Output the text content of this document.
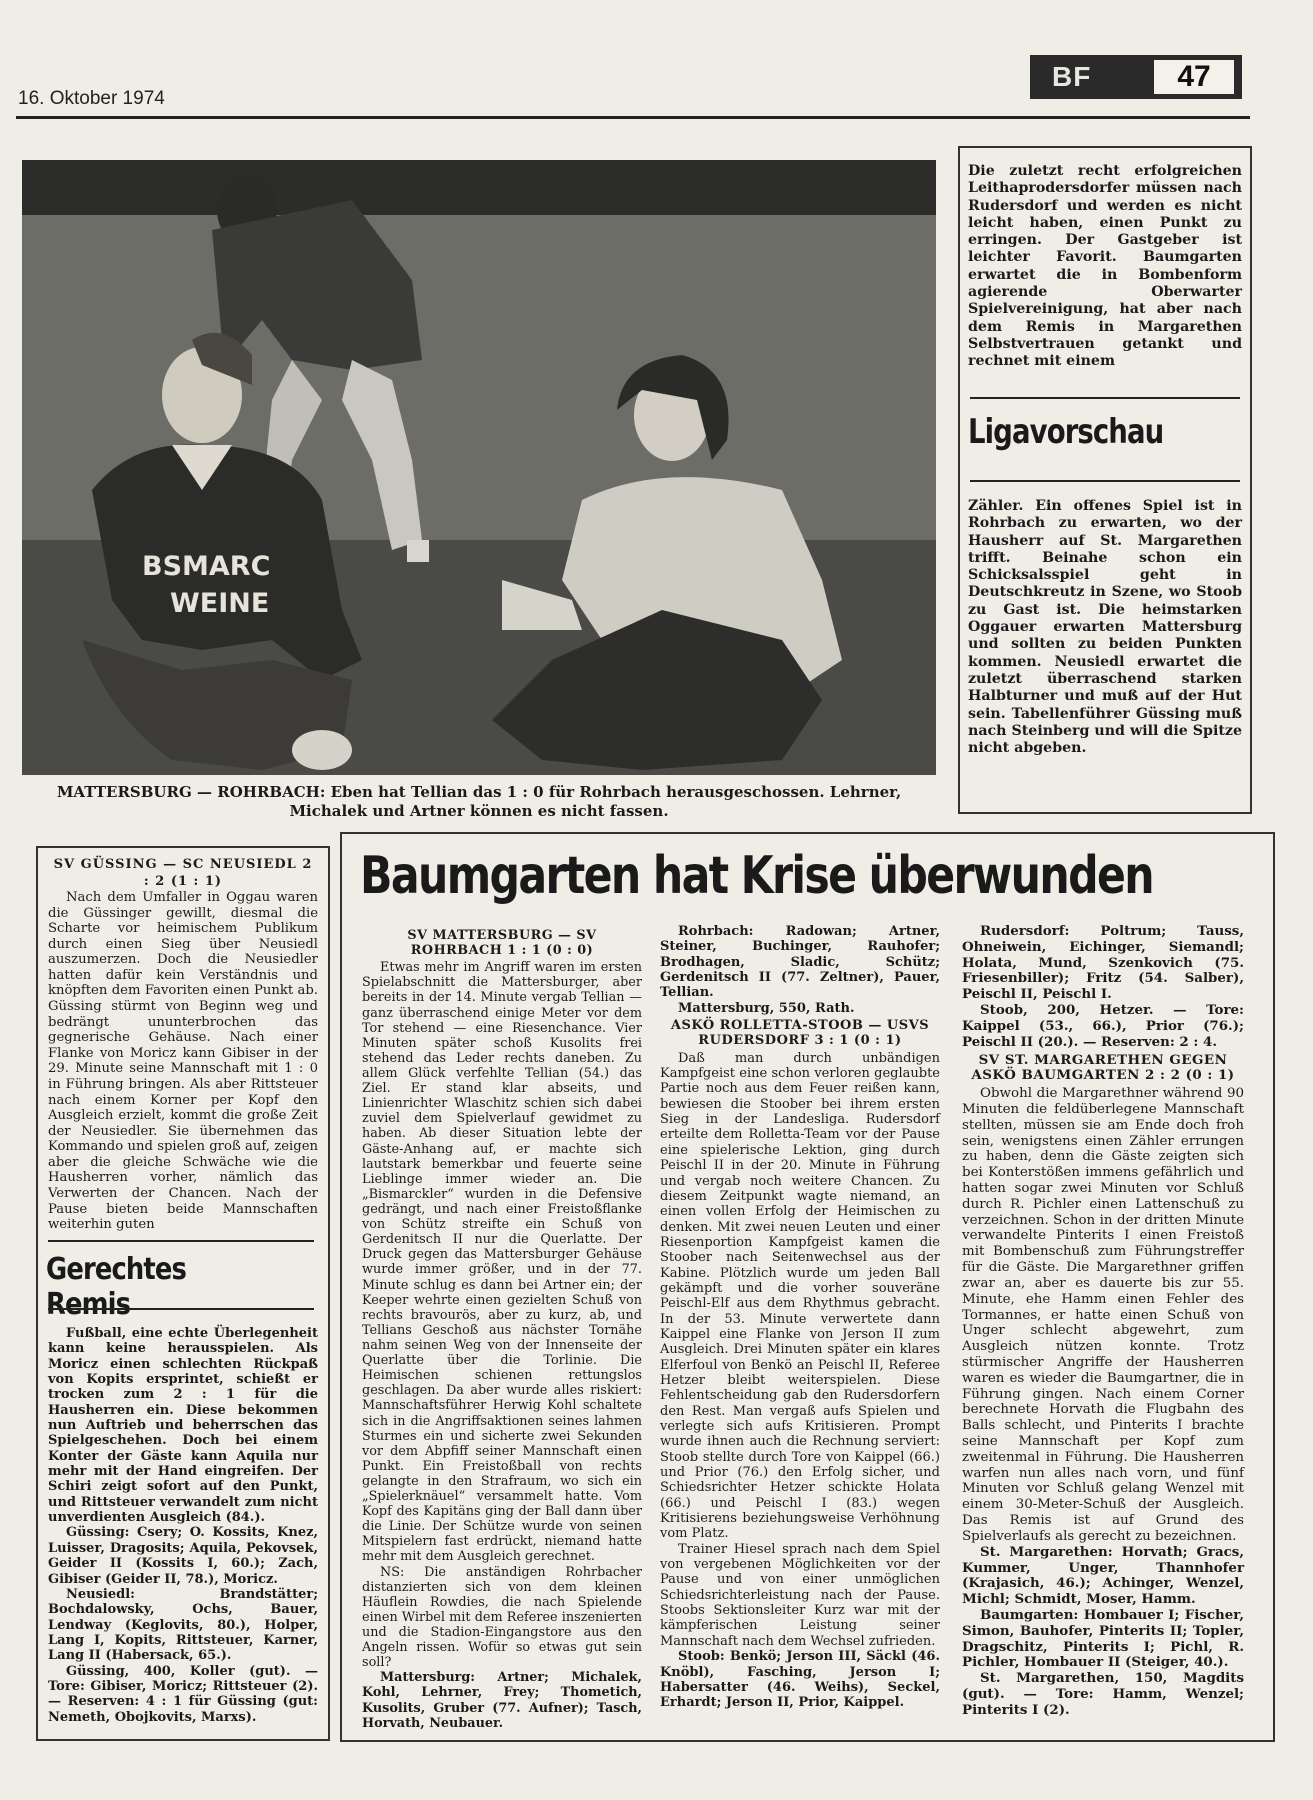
16. Oktober 1974
BF	47
BSMARC
WEINE
MATTERSBURG — ROHRBACH: Eben hat Tellian das 1 : 0 für Rohrbach herausgeschossen. Lehrner, Michalek und Artner können es nicht fassen.
Die zuletzt recht erfolgreichen Leithaprodersdorfer müssen nach Rudersdorf und werden es nicht leicht haben, einen Punkt zu erringen. Der Gastgeber ist leichter Favorit. Baumgarten erwartet die in Bombenform agierende Oberwarter Spielvereinigung, hat aber nach dem Remis in Margarethen Selbstvertrauen getankt und rechnet mit einem
Ligavorschau
Zähler. Ein offenes Spiel ist in Rohrbach zu erwarten, wo der Hausherr auf St. Margarethen trifft. Beinahe schon ein Schicksalsspiel geht in Deutschkreutz in Szene, wo Stoob zu Gast ist. Die heimstarken Oggauer erwarten Mattersburg und sollten zu beiden Punkten kommen. Neusiedl erwartet die zuletzt überraschend starken Halbturner und muß auf der Hut sein. Tabellenführer Güssing muß nach Steinberg und will die Spitze nicht abgeben.
SV GÜSSING — SC NEUSIEDL 2 : 2 (1 : 1)

Nach dem Umfaller in Oggau waren die Güssinger gewillt, diesmal die Scharte vor heimischem Publikum durch einen Sieg über Neusiedl auszumerzen. Doch die Neusiedler hatten dafür kein Verständnis und knöpften dem Favoriten einen Punkt ab. Güssing stürmt von Beginn weg und bedrängt ununterbrochen das gegnerische Gehäuse. Nach einer Flanke von Moricz kann Gibiser in der 29. Minute seine Mannschaft mit 1 : 0 in Führung bringen. Als aber Rittsteuer nach einem Korner per Kopf den Ausgleich erzielt, kommt die große Zeit der Neusiedler. Sie übernehmen das Kommando und spielen groß auf, zeigen aber die gleiche Schwäche wie die Hausherren vorher, nämlich das Verwerten der Chancen. Nach der Pause bieten beide Mannschaften weiterhin guten

Gerechtes Remis

Fußball, eine echte Überlegenheit kann keine herausspielen. Als Moricz einen schlechten Rückpaß von Kopits ersprintet, schießt er trocken zum 2 : 1 für die Hausherren ein. Diese bekommen nun Auftrieb und beherrschen das Spielgeschehen. Doch bei einem Konter der Gäste kann Aquila nur mehr mit der Hand eingreifen. Der Schiri zeigt sofort auf den Punkt, und Rittsteuer verwandelt zum nicht unverdienten Ausgleich (84.).

Güssing: Csery; O. Kossits, Knez, Luisser, Dragosits; Aquila, Pekovsek, Geider II (Kossits I, 60.); Zach, Gibiser (Geider II, 78.), Moricz.

Neusiedl: Brandstätter; Bochdalowsky, Ochs, Bauer, Lendway (Keglovits, 80.), Holper, Lang I, Kopits, Rittsteuer, Karner, Lang II (Habersack, 65.).

Güssing, 400, Koller (gut). — Tore: Gibiser, Moricz; Rittsteuer (2). — Reserven: 4 : 1 für Güssing (gut: Nemeth, Obojkovits, Marxs).

Baumgarten hat Krise überwunden
SV MATTERSBURG — SV ROHRBACH 1 : 1 (0 : 0)

Etwas mehr im Angriff waren im ersten Spielabschnitt die Mattersburger, aber bereits in der 14. Minute vergab Tellian — ganz überraschend einige Meter vor dem Tor stehend — eine Riesenchance. Vier Minuten später schoß Kusolits frei stehend das Leder rechts daneben. Zu allem Glück verfehlte Tellian (54.) das Ziel. Er stand klar abseits, und Linienrichter Wlaschitz schien sich dabei zuviel dem Spielverlauf gewidmet zu haben. Ab dieser Situation lebte der Gäste-Anhang auf, er machte sich lautstark bemerkbar und feuerte seine Lieblinge immer wieder an. Die „Bismarckler“ wurden in die Defensive gedrängt, und nach einer Freistoßflanke von Schütz streifte ein Schuß von Gerdenitsch II nur die Querlatte. Der Druck gegen das Mattersburger Gehäuse wurde immer größer, und in der 77. Minute schlug es dann bei Artner ein; der Keeper wehrte einen gezielten Schuß von rechts bravourös, aber zu kurz, ab, und Tellians Geschoß aus nächster Tornähe nahm seinen Weg von der Innenseite der Querlatte über die Torlinie. Die Heimischen schienen rettungslos geschlagen. Da aber wurde alles riskiert: Mannschaftsführer Herwig Kohl schaltete sich in die Angriffsaktionen seines lahmen Sturmes ein und sicherte zwei Sekunden vor dem Abpfiff seiner Mannschaft einen Punkt. Ein Freistoßball von rechts gelangte in den Strafraum, wo sich ein „Spielerknäuel“ versammelt hatte. Vom Kopf des Kapitäns ging der Ball dann über die Linie. Der Schütze wurde von seinen Mitspielern fast erdrückt, niemand hatte mehr mit dem Ausgleich gerechnet.

NS: Die anständigen Rohrbacher distanzierten sich von dem kleinen Häuflein Rowdies, die nach Spielende einen Wirbel mit dem Referee inszenierten und die Stadion-Eingangstore aus den Angeln rissen. Wofür so etwas gut sein soll?

Mattersburg: Artner; Michalek, Kohl, Lehrner, Frey; Thometich, Kusolits, Gruber (77. Aufner); Tasch, Horvath, Neubauer.

Rohrbach: Radowan; Artner, Steiner, Buchinger, Rauhofer; Brodhagen, Sladic, Schütz; Gerdenitsch II (77. Zeltner), Pauer, Tellian.

Mattersburg, 550, Rath.

ASKÖ ROLLETTA-STOOB — USVS RUDERSDORF 3 : 1 (0 : 1)

Daß man durch unbändigen Kampfgeist eine schon verloren geglaubte Partie noch aus dem Feuer reißen kann, bewiesen die Stoober bei ihrem ersten Sieg in der Landesliga. Rudersdorf erteilte dem Rolletta-Team vor der Pause eine spielerische Lektion, ging durch Peischl II in der 20. Minute in Führung und vergab noch weitere Chancen. Zu diesem Zeitpunkt wagte niemand, an einen vollen Erfolg der Heimischen zu denken. Mit zwei neuen Leuten und einer Riesenportion Kampfgeist kamen die Stoober nach Seitenwechsel aus der Kabine. Plötzlich wurde um jeden Ball gekämpft und die vorher souveräne Peischl-Elf aus dem Rhythmus gebracht. In der 53. Minute verwertete dann Kaippel eine Flanke von Jerson II zum Ausgleich. Drei Minuten später ein klares Elferfoul von Benkö an Peischl II, Referee Hetzer bleibt weiterspielen. Diese Fehlentscheidung gab den Rudersdorfern den Rest. Man vergaß aufs Spielen und verlegte sich aufs Kritisieren. Prompt wurde ihnen auch die Rechnung serviert: Stoob stellte durch Tore von Kaippel (66.) und Prior (76.) den Erfolg sicher, und Schiedsrichter Hetzer schickte Holata (66.) und Peischl I (83.) wegen Kritisierens beziehungsweise Verhöhnung vom Platz.

Trainer Hiesel sprach nach dem Spiel von vergebenen Möglichkeiten vor der Pause und von einer unmöglichen Schiedsrichterleistung nach der Pause. Stoobs Sektionsleiter Kurz war mit der kämpferischen Leistung seiner Mannschaft nach dem Wechsel zufrieden.

Stoob: Benkö; Jerson III, Säckl (46. Knöbl), Fasching, Jerson I; Habersatter (46. Weihs), Seckel, Erhardt; Jerson II, Prior, Kaippel.

Rudersdorf: Poltrum; Tauss, Ohneiwein, Eichinger, Siemandl; Holata, Mund, Szenkovich (75. Friesenbiller); Fritz (54. Salber), Peischl II, Peischl I.

Stoob, 200, Hetzer. — Tore: Kaippel (53., 66.), Prior (76.); Peischl II (20.). — Reserven: 2 : 4.

SV ST. MARGARETHEN GEGEN ASKÖ BAUMGARTEN 2 : 2 (0 : 1)

Obwohl die Margarethner während 90 Minuten die feldüberlegene Mannschaft stellten, müssen sie am Ende doch froh sein, wenigstens einen Zähler errungen zu haben, denn die Gäste zeigten sich bei Konterstößen immens gefährlich und hatten sogar zwei Minuten vor Schluß durch R. Pichler einen Lattenschuß zu verzeichnen. Schon in der dritten Minute verwandelte Pinterits I einen Freistoß mit Bombenschuß zum Führungstreffer für die Gäste. Die Margarethner griffen zwar an, aber es dauerte bis zur 55. Minute, ehe Hamm einen Fehler des Tormannes, er hatte einen Schuß von Unger schlecht abgewehrt, zum Ausgleich nützen konnte. Trotz stürmischer Angriffe der Hausherren waren es wieder die Baumgartner, die in Führung gingen. Nach einem Corner berechnete Horvath die Flugbahn des Balls schlecht, und Pinterits I brachte seine Mannschaft per Kopf zum zweitenmal in Führung. Die Hausherren warfen nun alles nach vorn, und fünf Minuten vor Schluß gelang Wenzel mit einem 30-Meter-Schuß der Ausgleich. Das Remis ist auf Grund des Spielverlaufs als gerecht zu bezeichnen.

St. Margarethen: Horvath; Gracs, Kummer, Unger, Thannhofer (Krajasich, 46.); Achinger, Wenzel, Michl; Schmidt, Moser, Hamm.

Baumgarten: Hombauer I; Fischer, Simon, Bauhofer, Pinterits II; Topler, Dragschitz, Pinterits I; Pichl, R. Pichler, Hombauer II (Steiger, 40.).

St. Margarethen, 150, Magdits (gut). — Tore: Hamm, Wenzel; Pinterits I (2).
